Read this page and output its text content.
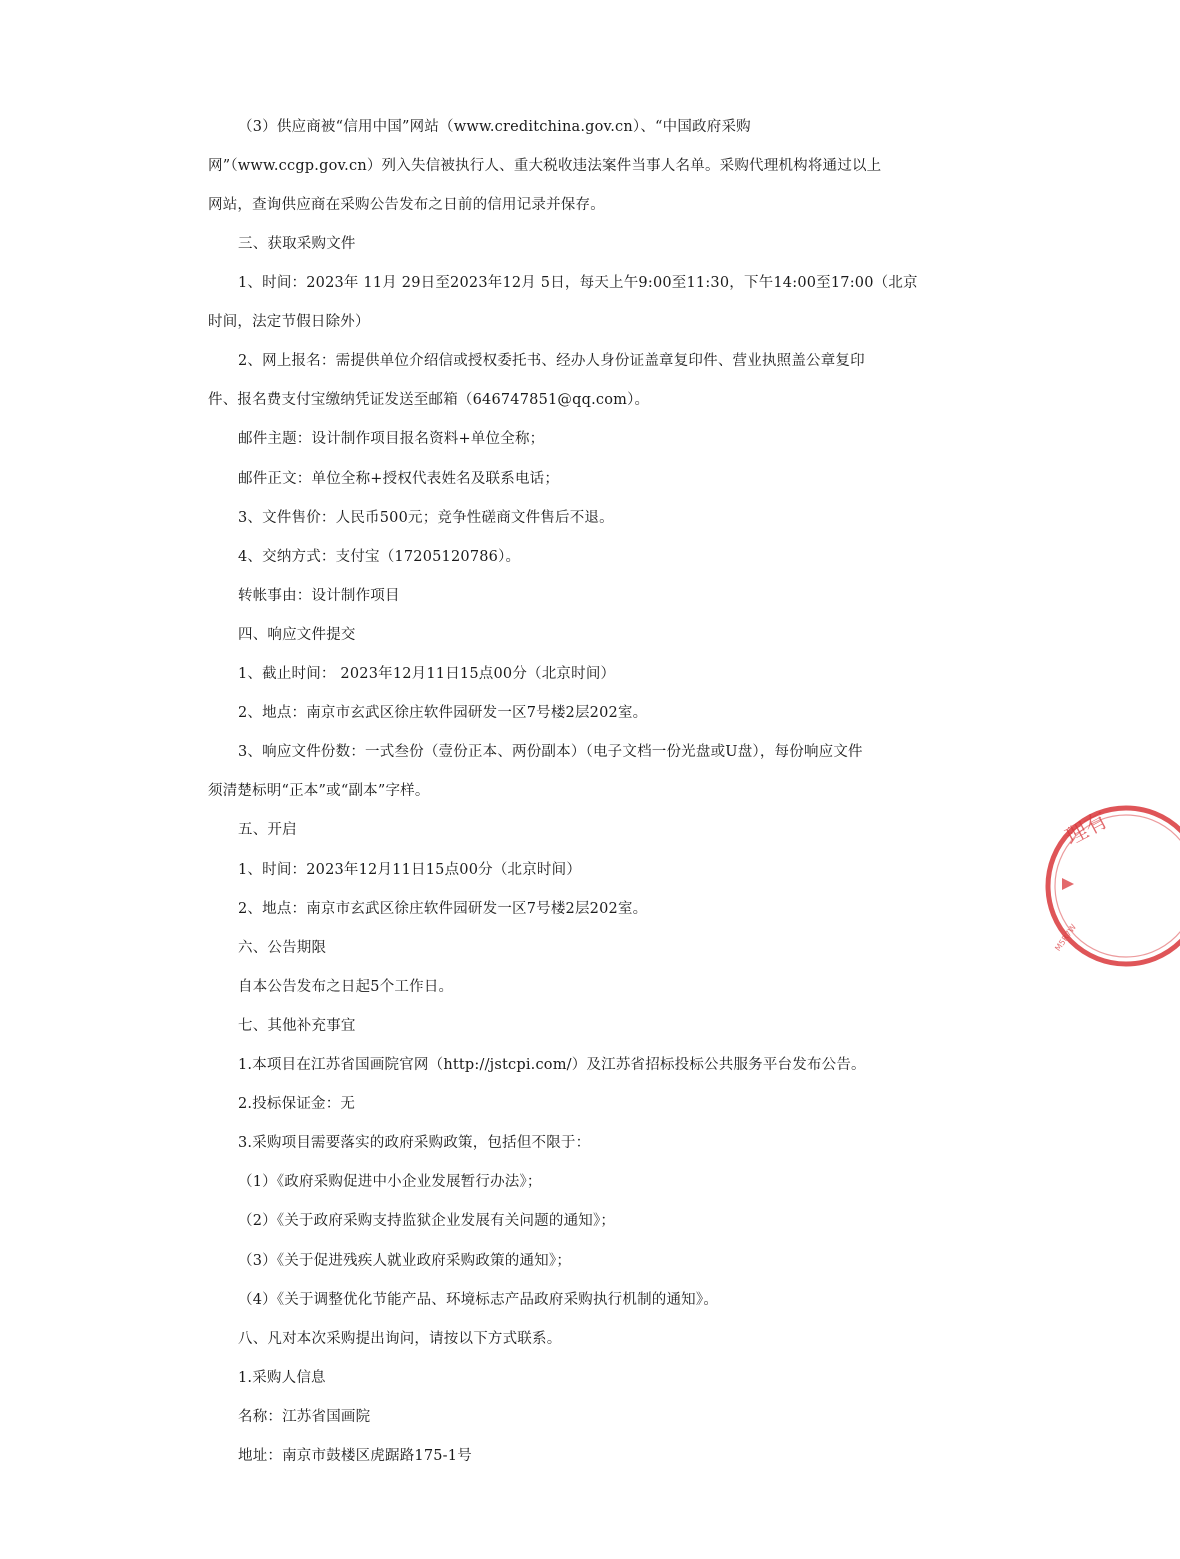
（3）供应商被“信用中国”网站（www.creditchina.gov.cn）、“中国政府采购
网”（www.ccgp.gov.cn）列入失信被执行人、重大税收违法案件当事人名单。采购代理机构将通过以上
网站，查询供应商在采购公告发布之日前的信用记录并保存。
三、获取采购文件
1、时间：2023年 11月 29日至2023年12月 5日，每天上午9:00至11:30，下午14:00至17:00（北京
时间，法定节假日除外）
2、网上报名：需提供单位介绍信或授权委托书、经办人身份证盖章复印件、营业执照盖公章复印
件、报名费支付宝缴纳凭证发送至邮箱（646747851@qq.com）。
邮件主题：设计制作项目报名资料+单位全称；
邮件正文：单位全称+授权代表姓名及联系电话；
3、文件售价：人民币500元；竞争性磋商文件售后不退。
4、交纳方式：支付宝（17205120786）。
转帐事由：设计制作项目
四、响应文件提交
1、截止时间： 2023年12月11日15点00分（北京时间）
2、地点：南京市玄武区徐庄软件园研发一区7号楼2层202室。
3、响应文件份数：一式叁份（壹份正本、两份副本）（电子文档一份光盘或U盘），每份响应文件
须清楚标明“正本”或“副本”字样。
五、开启
1、时间：2023年12月11日15点00分（北京时间）
2、地点：南京市玄武区徐庄软件园研发一区7号楼2层202室。
六、公告期限
自本公告发布之日起5个工作日。
七、其他补充事宜
1.本项目在江苏省国画院官网（http://jstcpi.com/）及江苏省招标投标公共服务平台发布公告。
2.投标保证金：无
3.采购项目需要落实的政府采购政策，包括但不限于：
（1）《政府采购促进中小企业发展暂行办法》；
（2）《关于政府采购支持监狱企业发展有关问题的通知》；
（3）《关于促进残疾人就业政府采购政策的通知》；
（4）《关于调整优化节能产品、环境标志产品政府采购执行机制的通知》。
八、凡对本次采购提出询问，请按以下方式联系。
1.采购人信息
名称：江苏省国画院
地址：南京市鼓楼区虎踞路175-1号
理有
M5R7W
